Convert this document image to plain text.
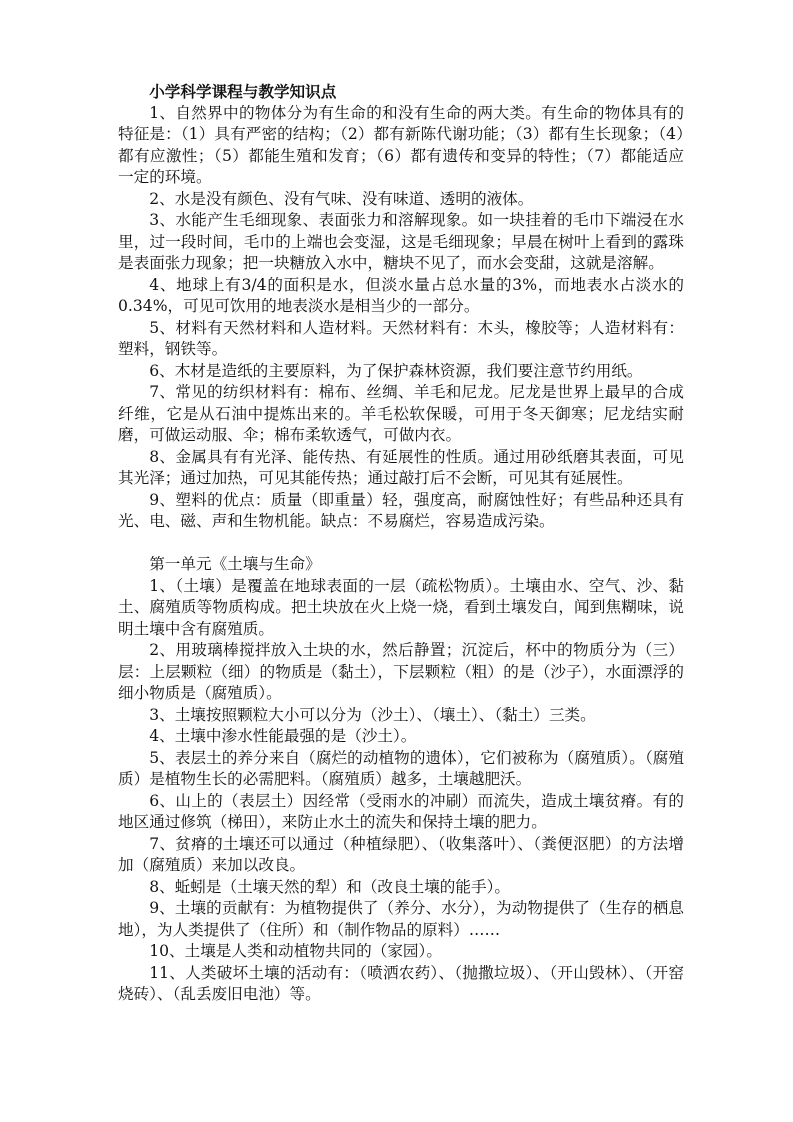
小学科学课程与教学知识点

1、自然界中的物体分为有生命的和没有生命的两大类。有生命的物体具有的特征是：（1）具有严密的结构；（2）都有新陈代谢功能；（3）都有生长现象；（4）都有应激性；（5）都能生殖和发育；（6）都有遗传和变异的特性；（7）都能适应一定的环境。

2、水是没有颜色、没有气味、没有味道、透明的液体。

3、水能产生毛细现象、表面张力和溶解现象。如一块挂着的毛巾下端浸在水里，过一段时间，毛巾的上端也会变湿，这是毛细现象；早晨在树叶上看到的露珠是表面张力现象；把一块糖放入水中，糖块不见了，而水会变甜，这就是溶解。

4、地球上有3/4的面积是水，但淡水量占总水量的3%，而地表水占淡水的0.34%，可见可饮用的地表淡水是相当少的一部分。

5、材料有天然材料和人造材料。天然材料有：木头，橡胶等；人造材料有：塑料，钢铁等。

6、木材是造纸的主要原料，为了保护森林资源，我们要注意节约用纸。

7、常见的纺织材料有：棉布、丝绸、羊毛和尼龙。尼龙是世界上最早的合成纤维，它是从石油中提炼出来的。羊毛松软保暖，可用于冬天御寒；尼龙结实耐磨，可做运动服、伞；棉布柔软透气，可做内衣。

8、金属具有有光泽、能传热、有延展性的性质。通过用砂纸磨其表面，可见其光泽；通过加热，可见其能传热；通过敲打后不会断，可见其有延展性。

9、塑料的优点：质量（即重量）轻，强度高，耐腐蚀性好；有些品种还具有光、电、磁、声和生物机能。缺点：不易腐烂，容易造成污染。

第一单元《土壤与生命》

1、（土壤）是覆盖在地球表面的一层（疏松物质）。土壤由水、空气、沙、黏土、腐殖质等物质构成。把土块放在火上烧一烧，看到土壤发白，闻到焦糊味，说明土壤中含有腐殖质。

2、用玻璃棒搅拌放入土块的水，然后静置；沉淀后，杯中的物质分为（三）层：上层颗粒（细）的物质是（黏土），下层颗粒（粗）的是（沙子），水面漂浮的细小物质是（腐殖质）。

3、土壤按照颗粒大小可以分为（沙土）、（壤土）、（黏土）三类。

4、土壤中渗水性能最强的是（沙土）。

5、表层土的养分来自（腐烂的动植物的遗体），它们被称为（腐殖质）。（腐殖质）是植物生长的必需肥料。（腐殖质）越多，土壤越肥沃。

6、山上的（表层土）因经常（受雨水的冲刷）而流失，造成土壤贫瘠。有的地区通过修筑（梯田），来防止水土的流失和保持土壤的肥力。

7、贫瘠的土壤还可以通过（种植绿肥）、（收集落叶）、（粪便沤肥）的方法增加（腐殖质）来加以改良。

8、蚯蚓是（土壤天然的犁）和（改良土壤的能手）。

9、土壤的贡献有：为植物提供了（养分、水分），为动物提供了（生存的栖息地），为人类提供了（住所）和（制作物品的原料）……

10、土壤是人类和动植物共同的（家园）。

11、人类破坏土壤的活动有：（喷洒农药）、（抛撒垃圾）、（开山毁林）、（开窑烧砖）、（乱丢废旧电池）等。
